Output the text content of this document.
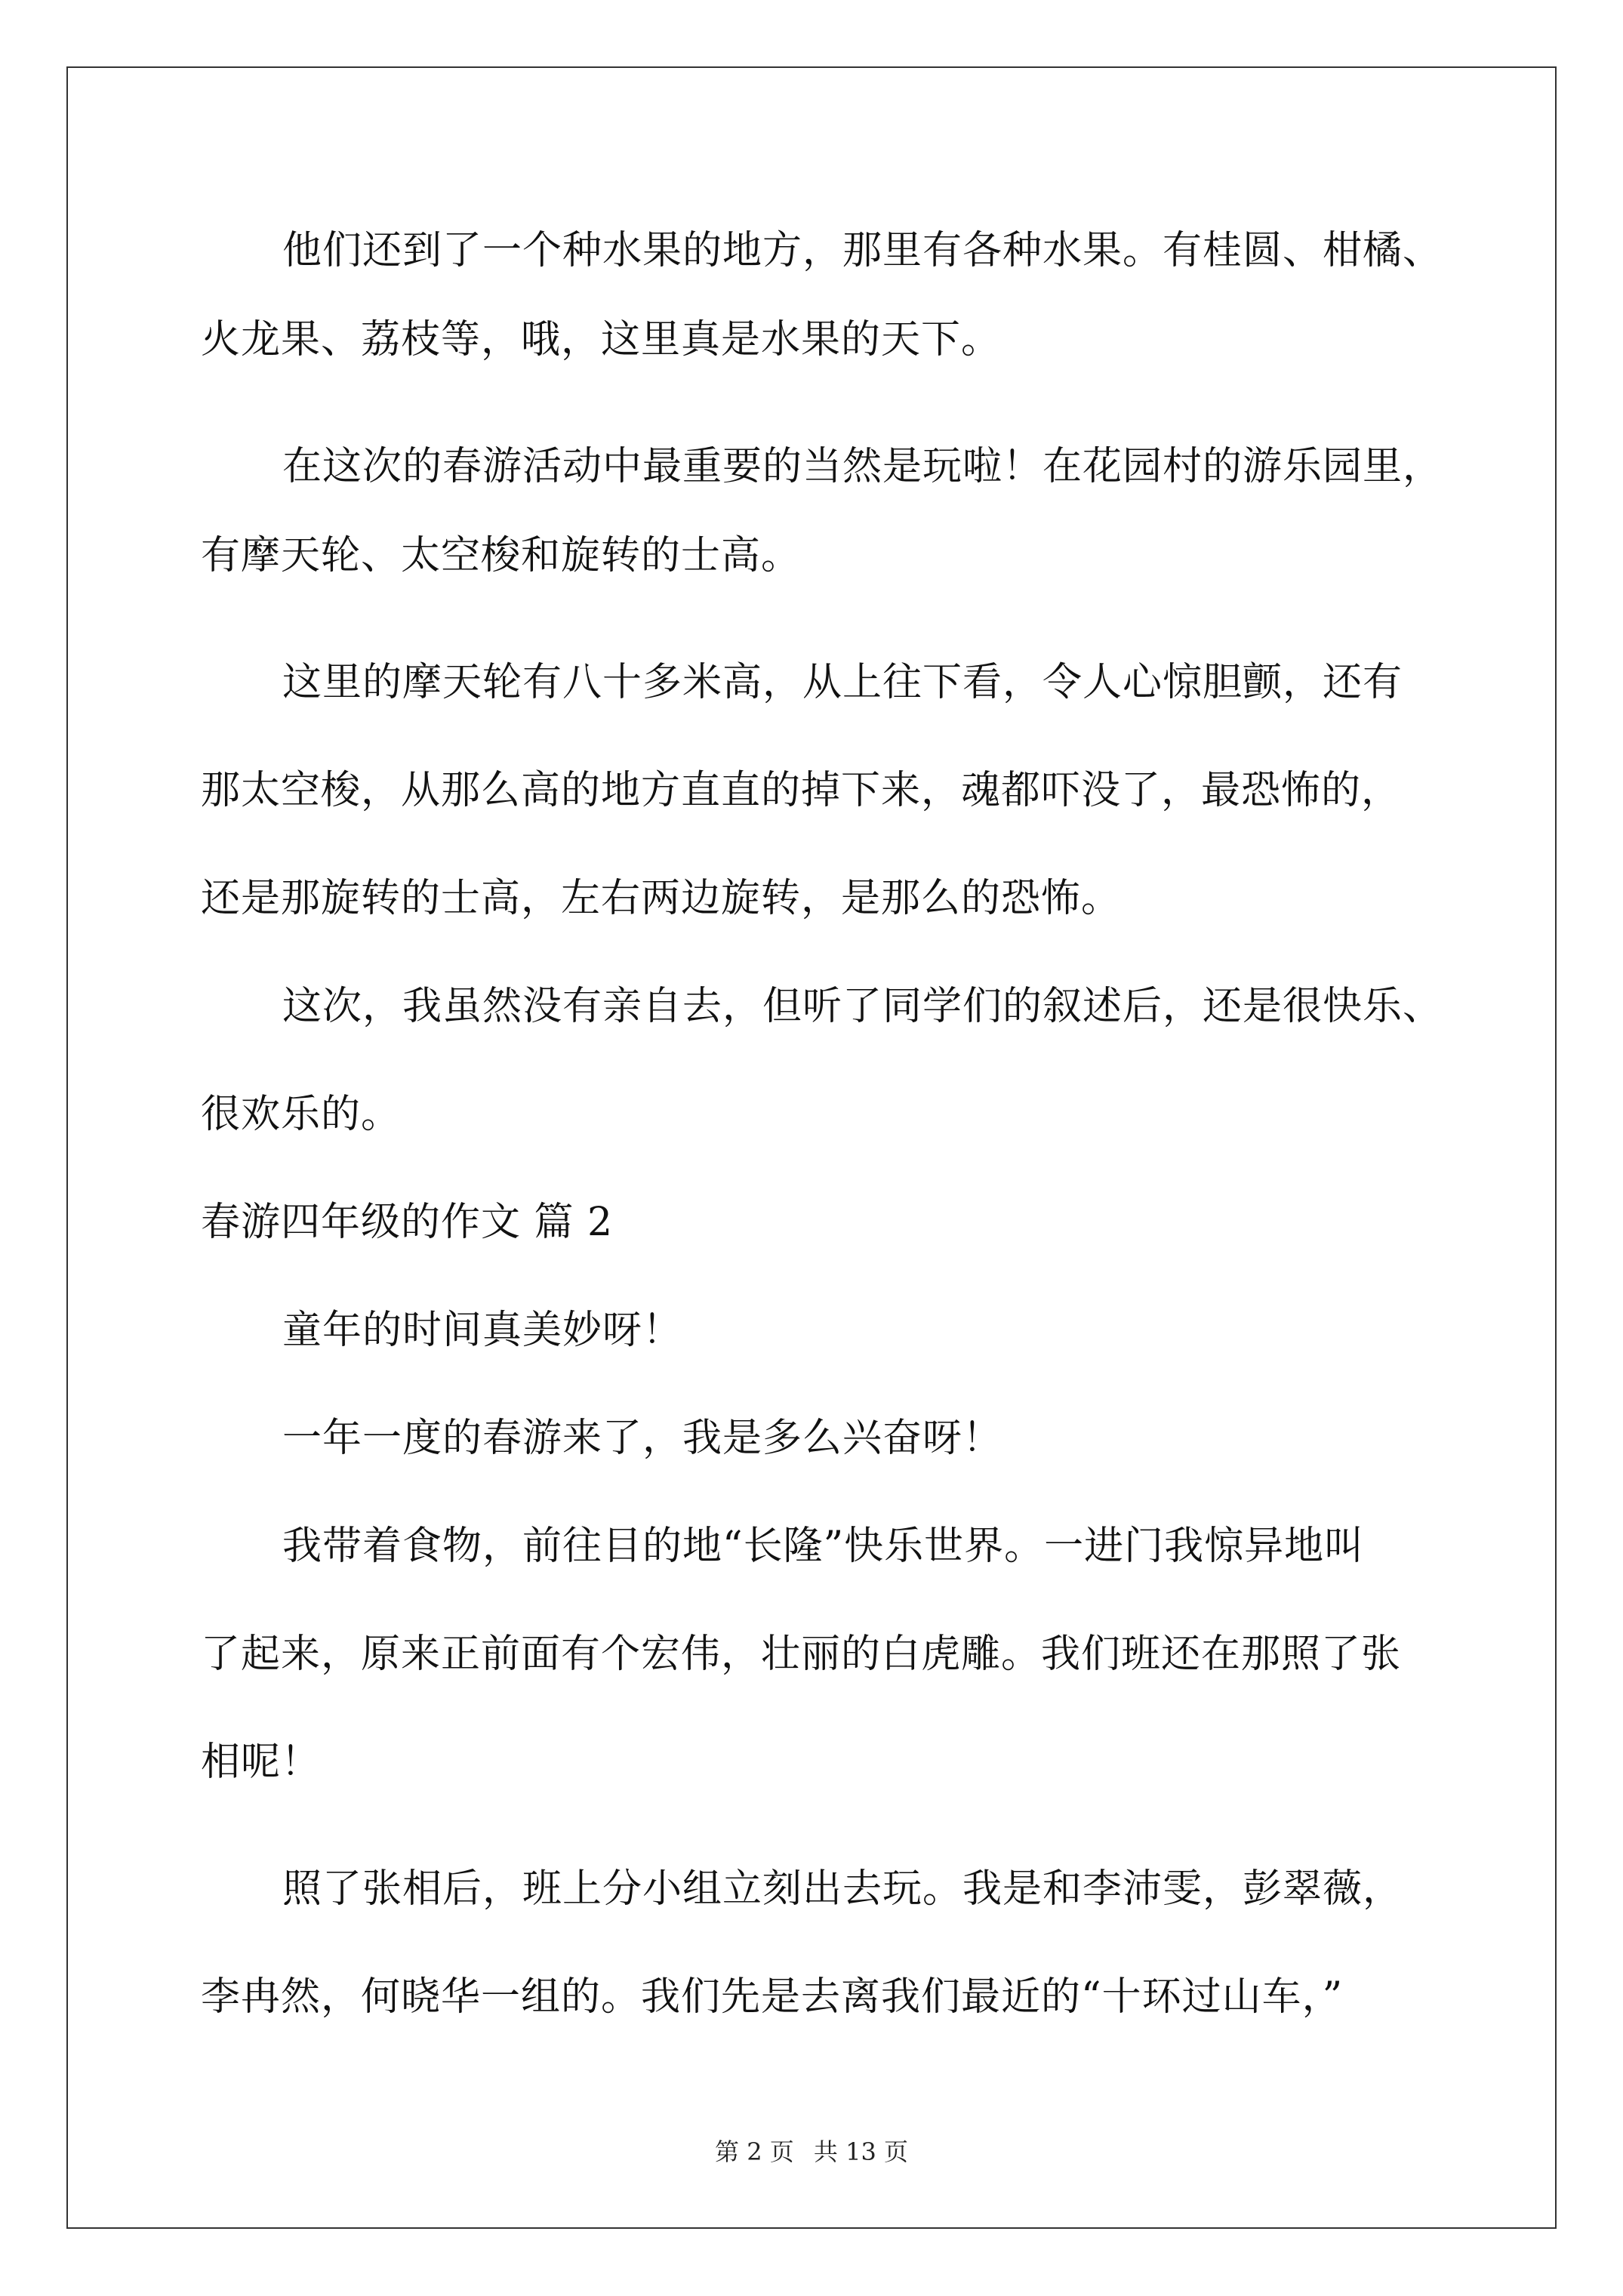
他们还到了一个种水果的地方，那里有各种水果。有桂圆、柑橘、
火龙果、荔枝等，哦，这里真是水果的天下。
在这次的春游活动中最重要的当然是玩啦！在花园村的游乐园里，
有摩天轮、太空梭和旋转的士高。
这里的摩天轮有八十多米高，从上往下看，令人心惊胆颤，还有
那太空梭，从那么高的地方直直的掉下来，魂都吓没了，最恐怖的，
还是那旋转的士高，左右两边旋转，是那么的恐怖。
这次，我虽然没有亲自去，但听了同学们的叙述后，还是很快乐、
很欢乐的。
春游四年级的作文 篇 2
童年的时间真美妙呀！
一年一度的春游来了，我是多么兴奋呀！
我带着食物，前往目的地“长隆”快乐世界。一进门我惊异地叫
了起来，原来正前面有个宏伟，壮丽的白虎雕。我们班还在那照了张
相呢！
照了张相后，班上分小组立刻出去玩。我是和李沛雯，彭翠薇，
李冉然，何晓华一组的。我们先是去离我们最近的“十环过山车，”
第 2 页 共 13 页
